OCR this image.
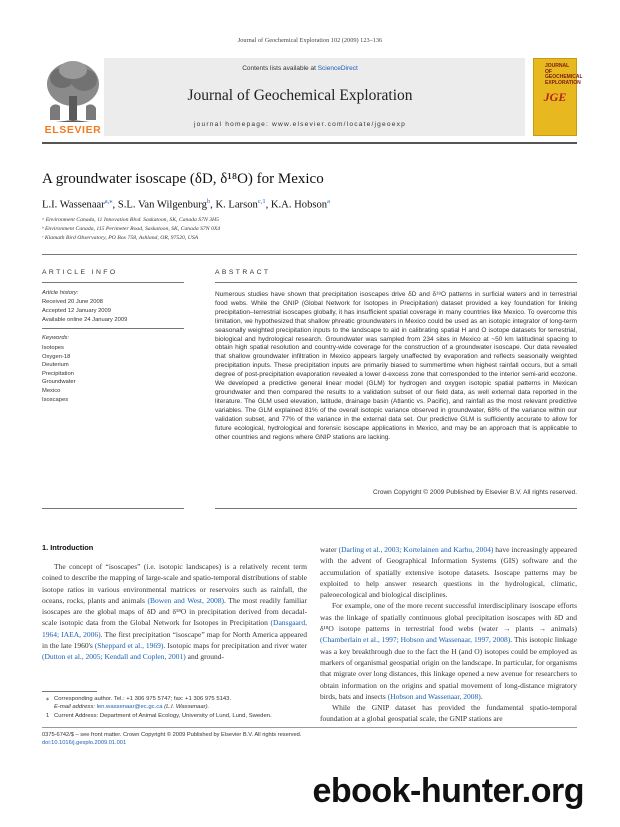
Journal of Geochemical Exploration 102 (2009) 123–136
Contents lists available at ScienceDirect
Journal of Geochemical Exploration
journal homepage: www.elsevier.com/locate/jgeoexp
ELSEVIER
JOURNAL OF GEOCHEMICAL EXPLORATION
JGE
A groundwater isoscape (δD, δ¹⁸O) for Mexico
L.I. Wassenaar$^{a,⁎}$, S.L. Van Wilgenburg$^b$, K. Larson$^{c,1}$, K.A. Hobson$^a$
ᵃ Environment Canada, 11 Innovation Blvd. Saskatoon, SK, Canada S7N 3H5
ᵇ Environment Canada, 115 Perimeter Road, Saskatoon, SK, Canada S7N 0X4
ᶜ Klamath Bird Observatory, PO Box 758, Ashland, OR, 97520, USA
ARTICLE INFO	ABSTRACT
Article history:
Received 20 June 2008
Accepted 12 January 2009
Available online 24 January 2009
Keywords:
Isotopes
Oxygen-18
Deuterium
Precipitation
Groundwater
Mexico
Isoscapes
Numerous studies have shown that precipitation isoscapes drive δD and δ¹⁸O patterns in surficial waters and in terrestrial food webs. While the GNIP (Global Network for Isotopes in Precipitation) dataset provided a key foundation for linking precipitation–terrestrial isoscapes globally, it has insufficient spatial coverage in many countries like Mexico. To overcome this limitation, we hypothesized that shallow phreatic groundwaters in Mexico could be used as an isotopic integrator of long-term seasonally weighted precipitation inputs to the landscape to aid in calibrating spatial H and O isotope datasets for terrestrial, biological and hydrological research. Groundwater was sampled from 234 sites in Mexico at ~50 km latitudinal spacing to obtain high spatial resolution and country-wide coverage for the construction of a groundwater isoscape. Our data revealed that shallow groundwater infiltration in Mexico appears largely unaffected by evaporation and reflects seasonally weighted precipitation inputs. These precipitation inputs are primarily biased to summertime when highest rainfall occurs, but a small degree of post-precipitation evaporation revealed a lower d-excess zone that corresponded to the interior semi-arid ecozone. We developed a predictive general linear model (GLM) for hydrogen and oxygen isotopic spatial patterns in Mexican groundwater and then compared the results to a validation subset of our field data, as well external data reported in the literature. The GLM used elevation, latitude, drainage basin (Atlantic vs. Pacific), and rainfall as the most relevant predictive variables. The GLM explained 81% of the overall isotopic variance observed in groundwater, 68% of the variance within our validation subset, and 77% of the variance in the external data set. Our predictive GLM is sufficiently accurate to allow for future ecological, hydrological and forensic isoscape applications in Mexico, and may be an approach that is applicable to other countries and regions where GNIP stations are lacking.
Crown Copyright © 2009 Published by Elsevier B.V. All rights reserved.
1. Introduction
The concept of “isoscapes” (i.e. isotopic landscapes) is a relatively recent term coined to describe the mapping of large-scale and spatio-temporal distributions of stable isotope ratios in various environmental matrices or reservoirs such as rainfall, the oceans, rocks, plants and animals (Bowen and West, 2008). The most readily familiar isoscapes are the global maps of δD and δ¹⁸O in precipitation derived from decadal-scale isotopic data from the Global Network for Isotopes in Precipitation (Dansgaard, 1964; IAEA, 2006). The first precipitation “isoscape” map for North America appeared in the late 1960's (Sheppard et al., 1969). Isotopic maps for precipitation and river water (Dutton et al., 2005; Kendall and Coplen, 2001) and ground-

water (Darling et al., 2003; Kortelainen and Karhu, 2004) have increasingly appeared with the advent of Geographical Information Systems (GIS) software and the accumulation of spatially extensive isotope datasets. Isoscape patterns may be exploited to help answer research questions in the hydrological, climatic, paleoecological and biological disciplines.

For example, one of the more recent successful interdisciplinary isoscape efforts was the linkage of spatially continuous global precipitation isoscapes with δD and δ¹⁸O isotope patterns in terrestrial food webs (water → plants → animals) (Chamberlain et al., 1997; Hobson and Wassenaar, 1997, 2008). This isotopic linkage was a key breakthrough due to the fact the H (and O) isotopes could be employed as markers of organismal geospatial origin on the landscape. In particular, for organisms that migrate over long distances, this linkage opened a new avenue for researchers to obtain information on the origins and spatial movement of long-distance migratory birds, bats and insects (Hobson and Wassenaar, 2008).

While the GNIP dataset has provided the fundamental spatio-temporal foundation at a global geospatial scale, the GNIP stations are

⁎ Corresponding author. Tel.: +1 306 975 5747; fax: +1 306 975 5143.
E-mail address: len.wassenaar@ec.gc.ca (L.I. Wassenaar).
1 Current Address: Department of Animal Ecology, University of Lund, Lund, Sweden.
0375-6742/$ – see front matter. Crown Copyright © 2009 Published by Elsevier B.V. All rights reserved.
doi:10.1016/j.gexplo.2009.01.001
ebook-hunter.org
